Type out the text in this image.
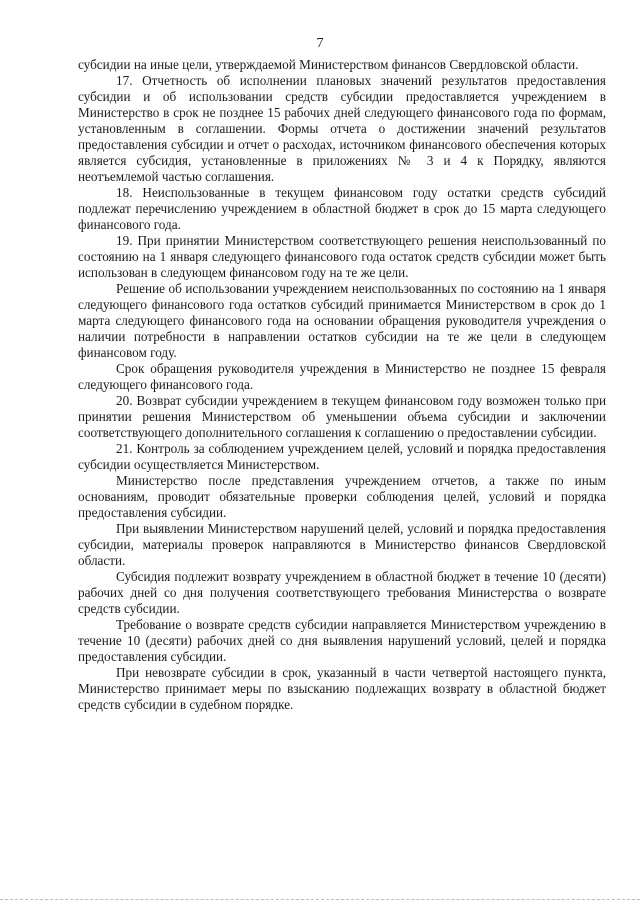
7

субсидии на иные цели, утверждаемой Министерством финансов Свердловской области.

17. Отчетность об исполнении плановых значений результатов предоставления субсидии и об использовании средств субсидии предоставляется учреждением в Министерство в срок не позднее 15 рабочих дней следующего финансового года по формам, установленным в соглашении. Формы отчета о достижении значений результатов предоставления субсидии и отчет о расходах, источником финансового обеспечения которых является субсидия, установленные в приложениях № 3 и 4 к Порядку, являются неотъемлемой частью соглашения.

18. Неиспользованные в текущем финансовом году остатки средств субсидий подлежат перечислению учреждением в областной бюджет в срок до 15 марта следующего финансового года.

19. При принятии Министерством соответствующего решения неиспользованный по состоянию на 1 января следующего финансового года остаток средств субсидии может быть использован в следующем финансовом году на те же цели.

Решение об использовании учреждением неиспользованных по состоянию на 1 января следующего финансового года остатков субсидий принимается Министерством в срок до 1 марта следующего финансового года на основании обращения руководителя учреждения о наличии потребности в направлении остатков субсидии на те же цели в следующем финансовом году.

Срок обращения руководителя учреждения в Министерство не позднее 15 февраля следующего финансового года.

20. Возврат субсидии учреждением в текущем финансовом году возможен только при принятии решения Министерством об уменьшении объема субсидии и заключении соответствующего дополнительного соглашения к соглашению о предоставлении субсидии.

21. Контроль за соблюдением учреждением целей, условий и порядка предоставления субсидии осуществляется Министерством.

Министерство после представления учреждением отчетов, а также по иным основаниям, проводит обязательные проверки соблюдения целей, условий и порядка предоставления субсидии.

При выявлении Министерством нарушений целей, условий и порядка предоставления субсидии, материалы проверок направляются в Министерство финансов Свердловской области.

Субсидия подлежит возврату учреждением в областной бюджет в течение 10 (десяти) рабочих дней со дня получения соответствующего требования Министерства о возврате средств субсидии.

Требование о возврате средств субсидии направляется Министерством учреждению в течение 10 (десяти) рабочих дней со дня выявления нарушений условий, целей и порядка предоставления субсидии.

При невозврате субсидии в срок, указанный в части четвертой настоящего пункта, Министерство принимает меры по взысканию подлежащих возврату в областной бюджет средств субсидии в судебном порядке.
